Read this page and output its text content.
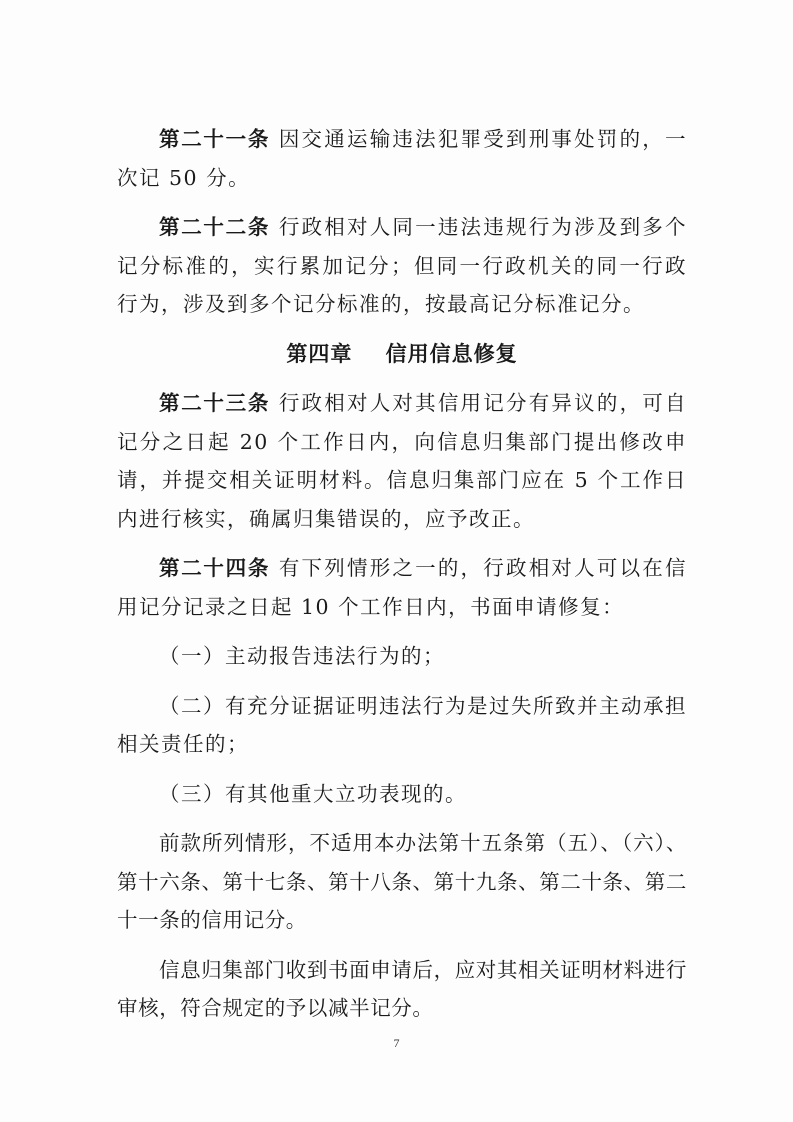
第二十一条 因交通运输违法犯罪受到刑事处罚的，一次记 50 分。

第二十二条 行政相对人同一违法违规行为涉及到多个记分标准的，实行累加记分；但同一行政机关的同一行政行为，涉及到多个记分标准的，按最高记分标准记分。

第四章    信用信息修复

第二十三条 行政相对人对其信用记分有异议的，可自记分之日起 20 个工作日内，向信息归集部门提出修改申请，并提交相关证明材料。信息归集部门应在 5 个工作日内进行核实，确属归集错误的，应予改正。

第二十四条 有下列情形之一的，行政相对人可以在信用记分记录之日起 10 个工作日内，书面申请修复：

（一）主动报告违法行为的；

（二）有充分证据证明违法行为是过失所致并主动承担相关责任的；

（三）有其他重大立功表现的。

前款所列情形，不适用本办法第十五条第（五）、（六）、第十六条、第十七条、第十八条、第十九条、第二十条、第二十一条的信用记分。

信息归集部门收到书面申请后，应对其相关证明材料进行审核，符合规定的予以减半记分。

7
